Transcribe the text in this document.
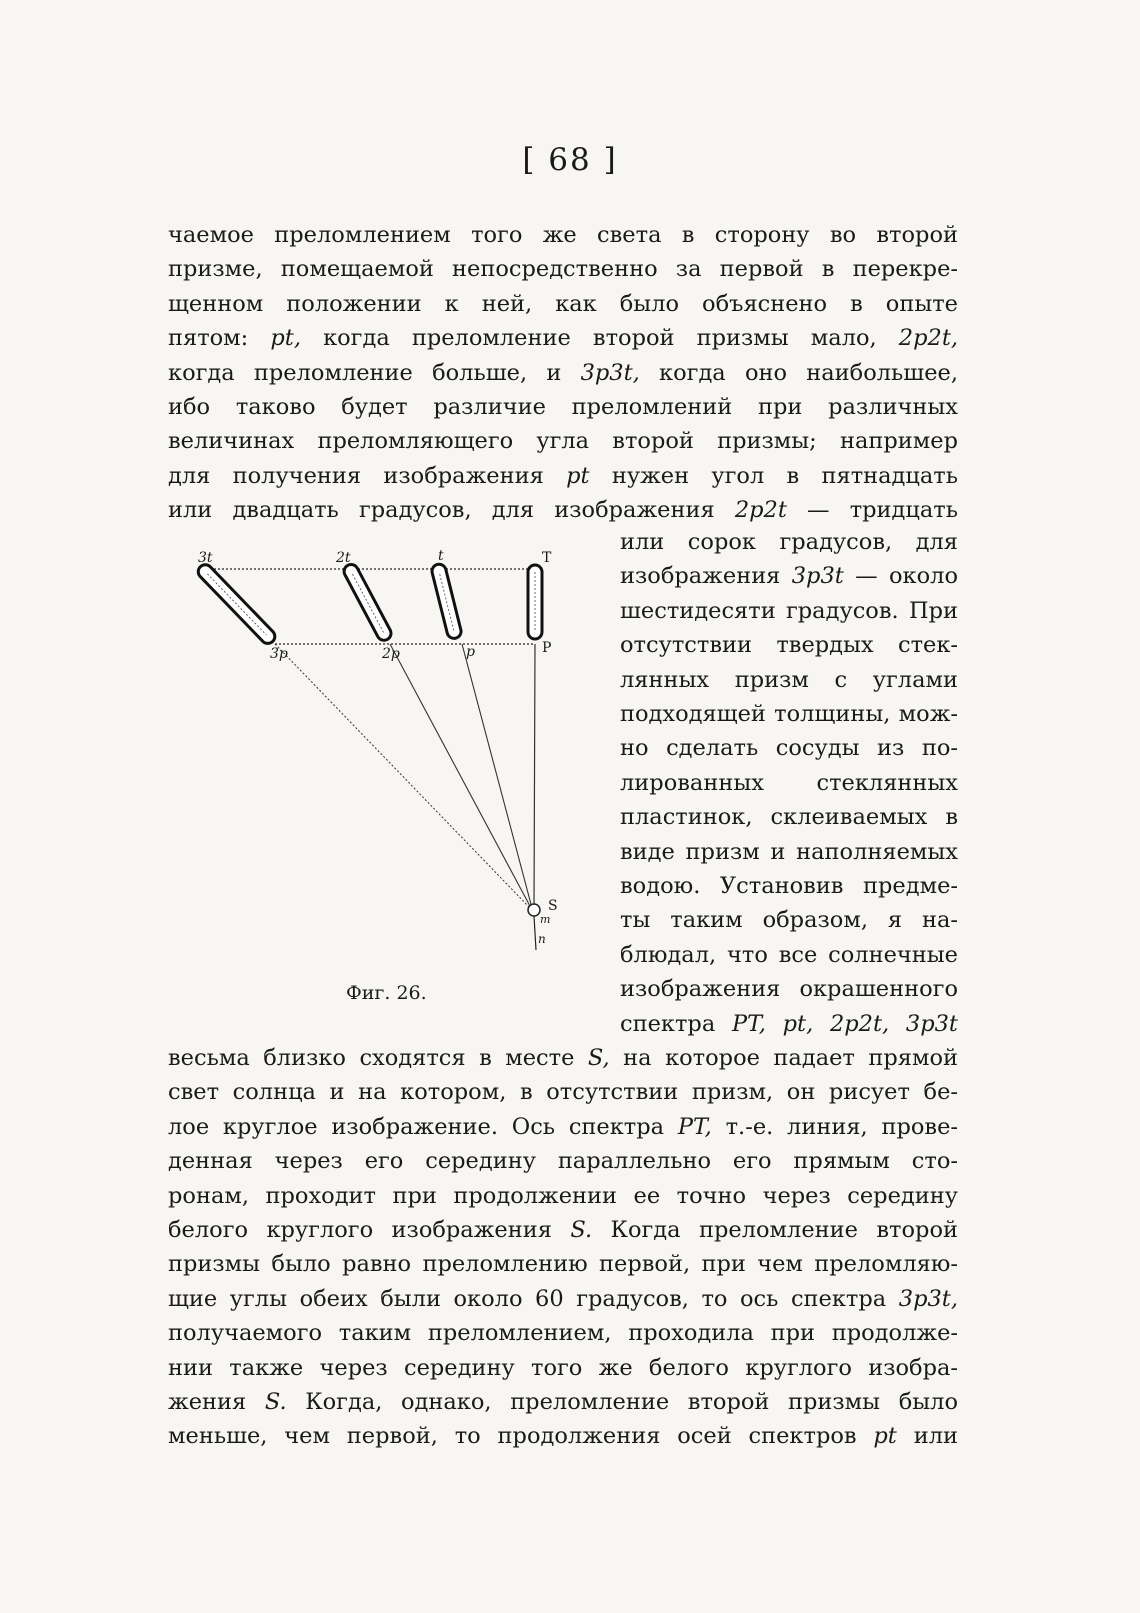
[ 68 ]
чаемое преломлением того же света в сторону во второй
призме, помещаемой непосредственно за первой в перекре-
щенном положении к ней, как было объяснено в опыте
пятом: pt, когда преломление второй призмы мало, 2p2t,
когда преломление больше, и 3p3t, когда оно наибольшее,
ибо таково будет различие преломлений при различных
величинах преломляющего угла второй призмы; например
для получения изображения pt нужен угол в пятнадцать
или двадцать градусов, для изображения 2p2t — тридцать
3t	2t	t	T
3p	2p	p	P
S
m
n
Фиг. 26.
или сорок градусов, для
изображения 3p3t — около
шестидесяти градусов. При
отсутствии твердых стек-
лянных призм с углами
подходящей толщины, мож-
но сделать сосуды из по-
лированных стеклянных
пластинок, склеиваемых в
виде призм и наполняемых
водою. Установив предме-
ты таким образом, я на-
блюдал, что все солнечные
изображения окрашенного
спектра PT, pt, 2p2t, 3p3t
весьма близко сходятся в месте S, на которое падает прямой
свет солнца и на котором, в отсутствии призм, он рисует бе-
лое круглое изображение. Ось спектра PT, т.-е. линия, прове-
денная через его середину параллельно его прямым сто-
ронам, проходит при продолжении ее точно через середину
белого круглого изображения S. Когда преломление второй
призмы было равно преломлению первой, при чем преломляю-
щие углы обеих были около 60 градусов, то ось спектра 3p3t,
получаемого таким преломлением, проходила при продолже-
нии также через середину того же белого круглого изобра-
жения S. Когда, однако, преломление второй призмы было
меньше, чем первой, то продолжения осей спектров pt или
